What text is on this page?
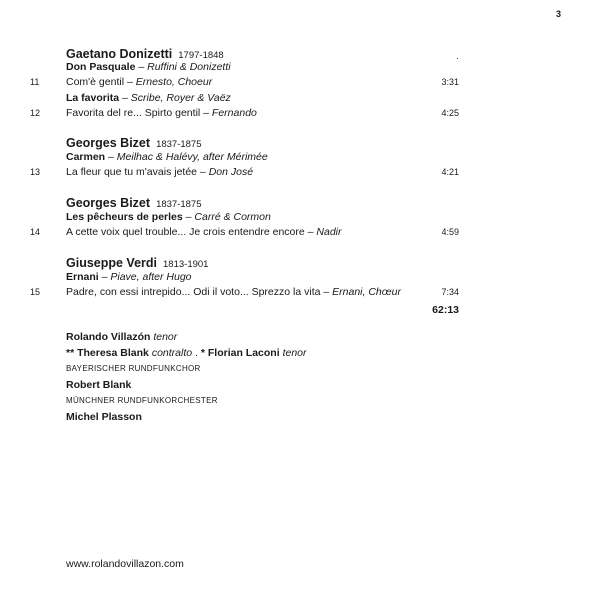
3
·
Gaetano Donizetti 1797-1848
Don Pasquale – Ruffini & Donizetti
11	Com'è gentil – Ernesto, Choeur	3:31
La favorita – Scribe, Royer & Vaëz
12 Favorita del re... Spirto gentil – Fernando	4:25
Georges Bizet 1837-1875
Carmen – Meilhac & Halévy, after Mérimée
13 La fleur que tu m'avais jetée – Don José	4:21
Georges Bizet 1837-1875
Les pêcheurs de perles – Carré & Cormon
14 A cette voix quel trouble... Je crois entendre encore – Nadir	4:59
Giuseppe Verdi 1813-1901
Ernani – Piave, after Hugo
15 Padre, con essi intrepido... Odi il voto... Sprezzo la vita – Ernani, Chœur	7:34
62:13
Rolando Villazón tenor
** Theresa Blank contralto . * Florian Laconi tenor
BAYERISCHER RUNDFUNKCHOR
Robert Blank
MÜNCHNER RUNDFUNKORCHESTER
Michel Plasson
www.rolandovillazon.com
